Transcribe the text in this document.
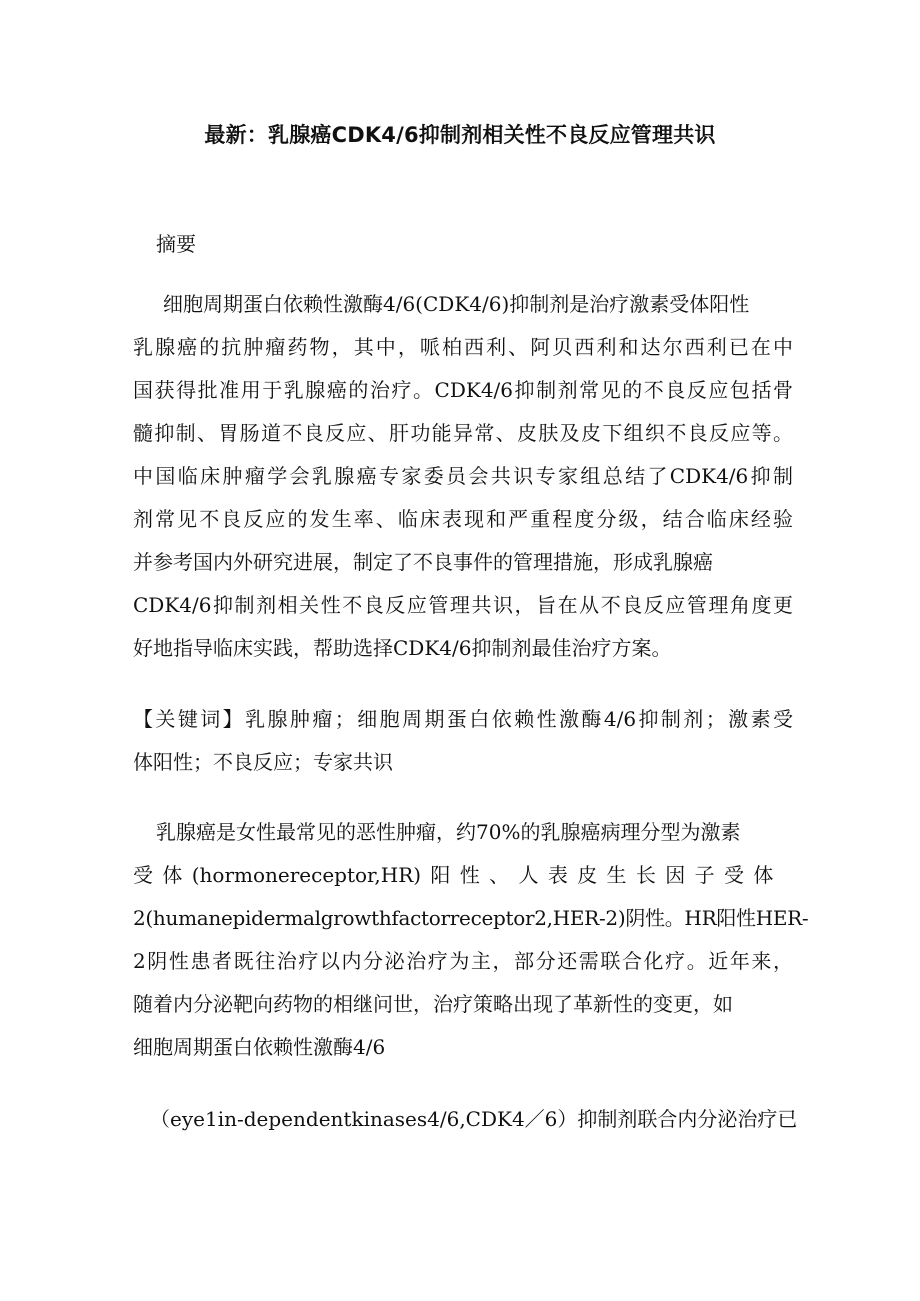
最新：乳腺癌CDK4/6抑制剂相关性不良反应管理共识
摘要
细胞周期蛋白依赖性激酶4/6(CDK4/6)抑制剂是治疗激素受体阳性
乳腺癌的抗肿瘤药物，其中，哌柏西利、阿贝西利和达尔西利已在中
国获得批准用于乳腺癌的治疗。CDK4/6抑制剂常见的不良反应包括骨
髓抑制、胃肠道不良反应、肝功能异常、皮肤及皮下组织不良反应等。
中国临床肿瘤学会乳腺癌专家委员会共识专家组总结了CDK4/6抑制
剂常见不良反应的发生率、临床表现和严重程度分级，结合临床经验
并参考国内外研究进展，制定了不良事件的管理措施，形成乳腺癌
CDK4/6抑制剂相关性不良反应管理共识，旨在从不良反应管理角度更
好地指导临床实践，帮助选择CDK4/6抑制剂最佳治疗方案。
【关键词】乳腺肿瘤；细胞周期蛋白依赖性激酶4/6抑制剂；激素受
体阳性；不良反应；专家共识
乳腺癌是女性最常见的恶性肿瘤，约70%的乳腺癌病理分型为激素
受 体 (hormonereceptor,HR) 阳 性 、 人 表 皮 生 长 因 子 受 体
2(humanepidermalgrowthfactorreceptor2,HER-2)阴性。HR阳性HER-
2阴性患者既往治疗以内分泌治疗为主，部分还需联合化疗。近年来，
随着内分泌靶向药物的相继问世，治疗策略出现了革新性的变更，如
细胞周期蛋白依赖性激酶4/6
（eye1in-dependentkinases4/6,CDK4／6）抑制剂联合内分泌治疗已
